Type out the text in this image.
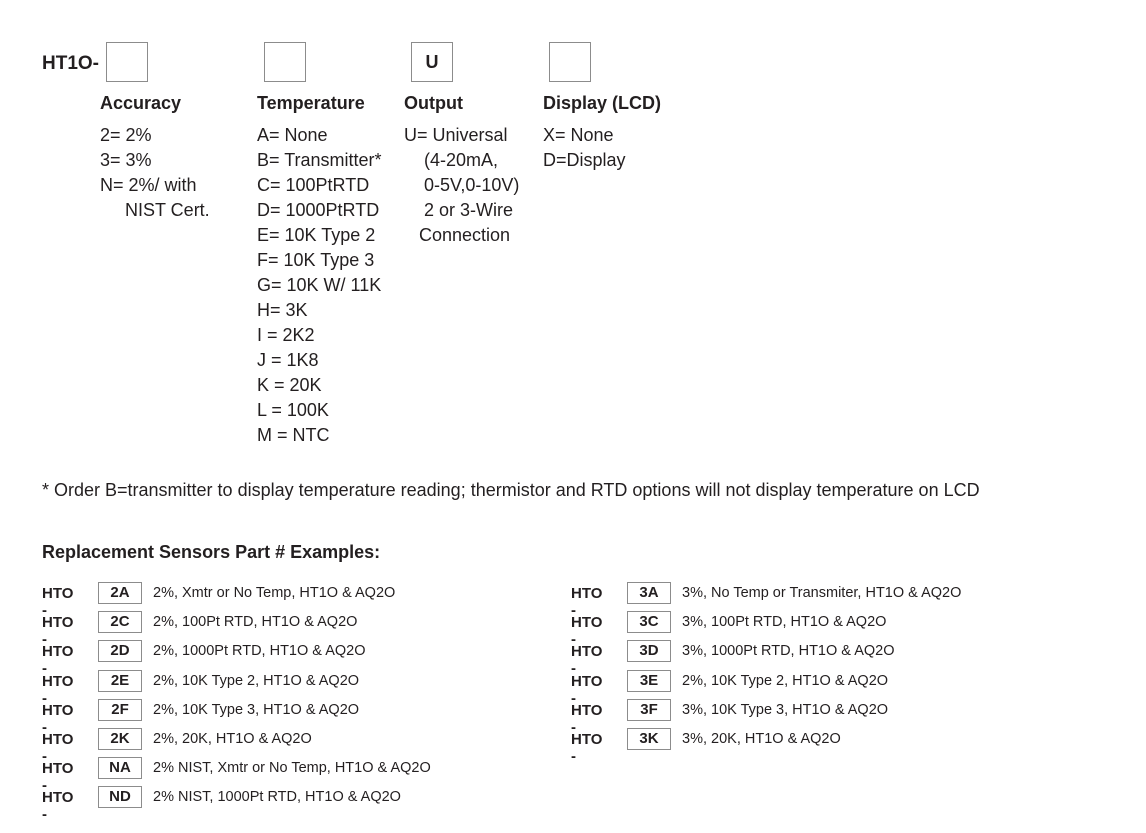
HT1O-	U
Accuracy
2= 2%
3= 3%
N= 2%/ with
NIST Cert.
Temperature
A= None
B= Transmitter*
C= 100PtRTD
D= 1000PtRTD
E= 10K Type 2
F= 10K Type 3
G= 10K W/ 11K
H= 3K
I = 2K2
J = 1K8
K = 20K
L = 100K
M = NTC
Output
U= Universal
(4-20mA,
0-5V,0-10V)
2 or 3-Wire
Connection
Display (LCD)
X= None
D=Display
* Order B=transmitter to display temperature reading; thermistor and RTD options will not display temperature on LCD
Replacement Sensors Part # Examples:
HTO -
2A	2%, Xmtr or No Temp, HT1O & AQ2O
HTO -
2C	2%, 100Pt RTD, HT1O & AQ2O
HTO -
2D	2%, 1000Pt RTD, HT1O & AQ2O
HTO -
2E	2%, 10K Type 2, HT1O & AQ2O
HTO -
2F	2%, 10K Type 3, HT1O & AQ2O
HTO -
2K	2%, 20K, HT1O & AQ2O
HTO -
NA	2% NIST, Xmtr or No Temp, HT1O & AQ2O
HTO -
ND	2% NIST, 1000Pt RTD, HT1O & AQ2O
HTO -
3A	3%, No Temp or Transmiter, HT1O & AQ2O
HTO -
3C	3%, 100Pt RTD, HT1O & AQ2O
HTO -
3D	3%, 1000Pt RTD, HT1O & AQ2O
HTO -
3E	2%, 10K Type 2, HT1O & AQ2O
HTO -
3F	3%, 10K Type 3, HT1O & AQ2O
HTO -
3K	3%, 20K, HT1O & AQ2O
